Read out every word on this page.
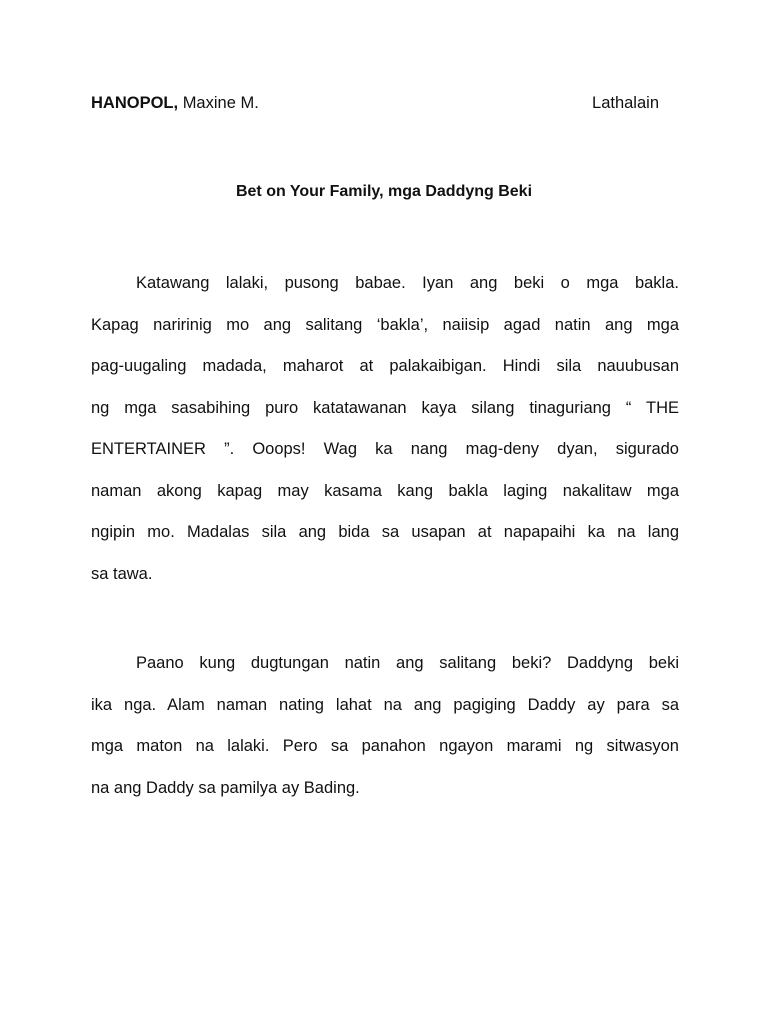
HANOPOL, Maxine M.	Lathalain
Bet on Your Family, mga Daddyng Beki
Katawang lalaki, pusong babae. Iyan ang beki o mga bakla.
Kapag naririnig mo ang salitang ‘bakla’, naiisip agad natin ang mga
pag-uugaling madada, maharot at palakaibigan. Hindi sila nauubusan
ng mga sasabihing puro katatawanan kaya silang tinaguriang “ THE
ENTERTAINER ”. Ooops! Wag ka nang mag-deny dyan, sigurado
naman akong kapag may kasama kang bakla laging nakalitaw mga
ngipin mo. Madalas sila ang bida sa usapan at napapaihi ka na lang
sa tawa.
Paano kung dugtungan natin ang salitang beki? Daddyng beki
ika nga. Alam naman nating lahat na ang pagiging Daddy ay para sa
mga maton na lalaki. Pero sa panahon ngayon marami ng sitwasyon
na ang Daddy sa pamilya ay Bading.
